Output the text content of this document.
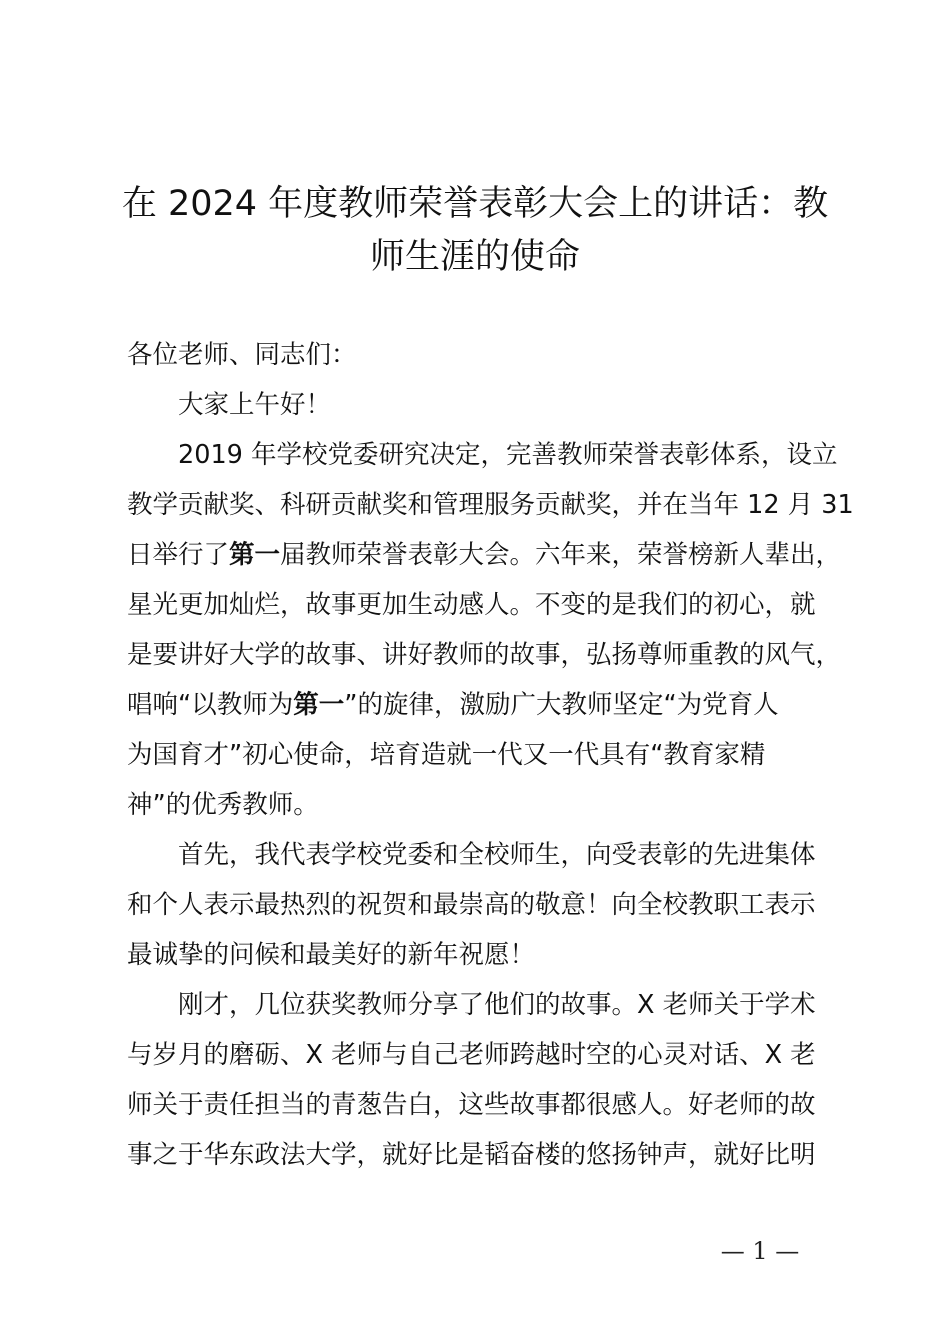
在 2024 年度教师荣誉表彰大会上的讲话：教
师生涯的使命

各位老师、同志们：

大家上午好！

2019 年学校党委研究决定，完善教师荣誉表彰体系，设立

教学贡献奖、科研贡献奖和管理服务贡献奖，并在当年 12 月 31
日举行了第一届教师荣誉表彰大会。六年来，荣誉榜新人辈出，
星光更加灿烂，故事更加生动感人。不变的是我们的初心，就
是要讲好大学的故事、讲好教师的故事，弘扬尊师重教的风气，
唱响“以教师为第一”的旋律，激励广大教师坚定“为党育人
为国育才”初心使命，培育造就一代又一代具有“教育家精
神”的优秀教师。

首先，我代表学校党委和全校师生，向受表彰的先进集体

和个人表示最热烈的祝贺和最崇高的敬意！向全校教职工表示
最诚挚的问候和最美好的新年祝愿！

刚才，几位获奖教师分享了他们的故事。X 老师关于学术

与岁月的磨砺、X 老师与自己老师跨越时空的心灵对话、X 老
师关于责任担当的青葱告白，这些故事都很感人。好老师的故
事之于华东政法大学，就好比是韬奋楼的悠扬钟声，就好比明

— 1 —
